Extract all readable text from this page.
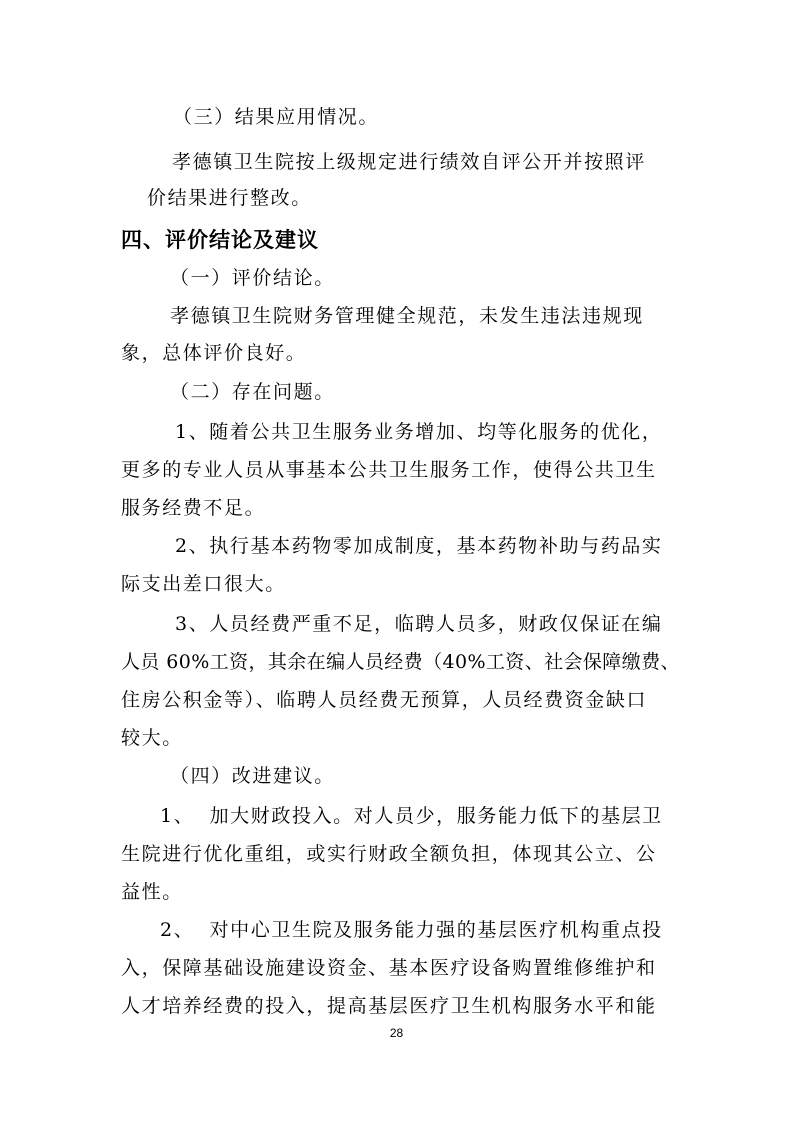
（三）结果应用情况。
孝德镇卫生院按上级规定进行绩效自评公开并按照评
价结果进行整改。
四、评价结论及建议
（一）评价结论。
孝德镇卫生院财务管理健全规范，未发生违法违规现
象，总体评价良好。
（二）存在问题。
1、随着公共卫生服务业务增加、均等化服务的优化，
更多的专业人员从事基本公共卫生服务工作，使得公共卫生
服务经费不足。
2、执行基本药物零加成制度，基本药物补助与药品实
际支出差口很大。
3、人员经费严重不足，临聘人员多，财政仅保证在编
人员 60%工资，其余在编人员经费（40%工资、社会保障缴费、
住房公积金等）、临聘人员经费无预算，人员经费资金缺口
较大。
（四）改进建议。
1、  加大财政投入。对人员少，服务能力低下的基层卫
生院进行优化重组，或实行财政全额负担，体现其公立、公
益性。
2、  对中心卫生院及服务能力强的基层医疗机构重点投
入，保障基础设施建设资金、基本医疗设备购置维修维护和
人才培养经费的投入，提高基层医疗卫生机构服务水平和能
28
